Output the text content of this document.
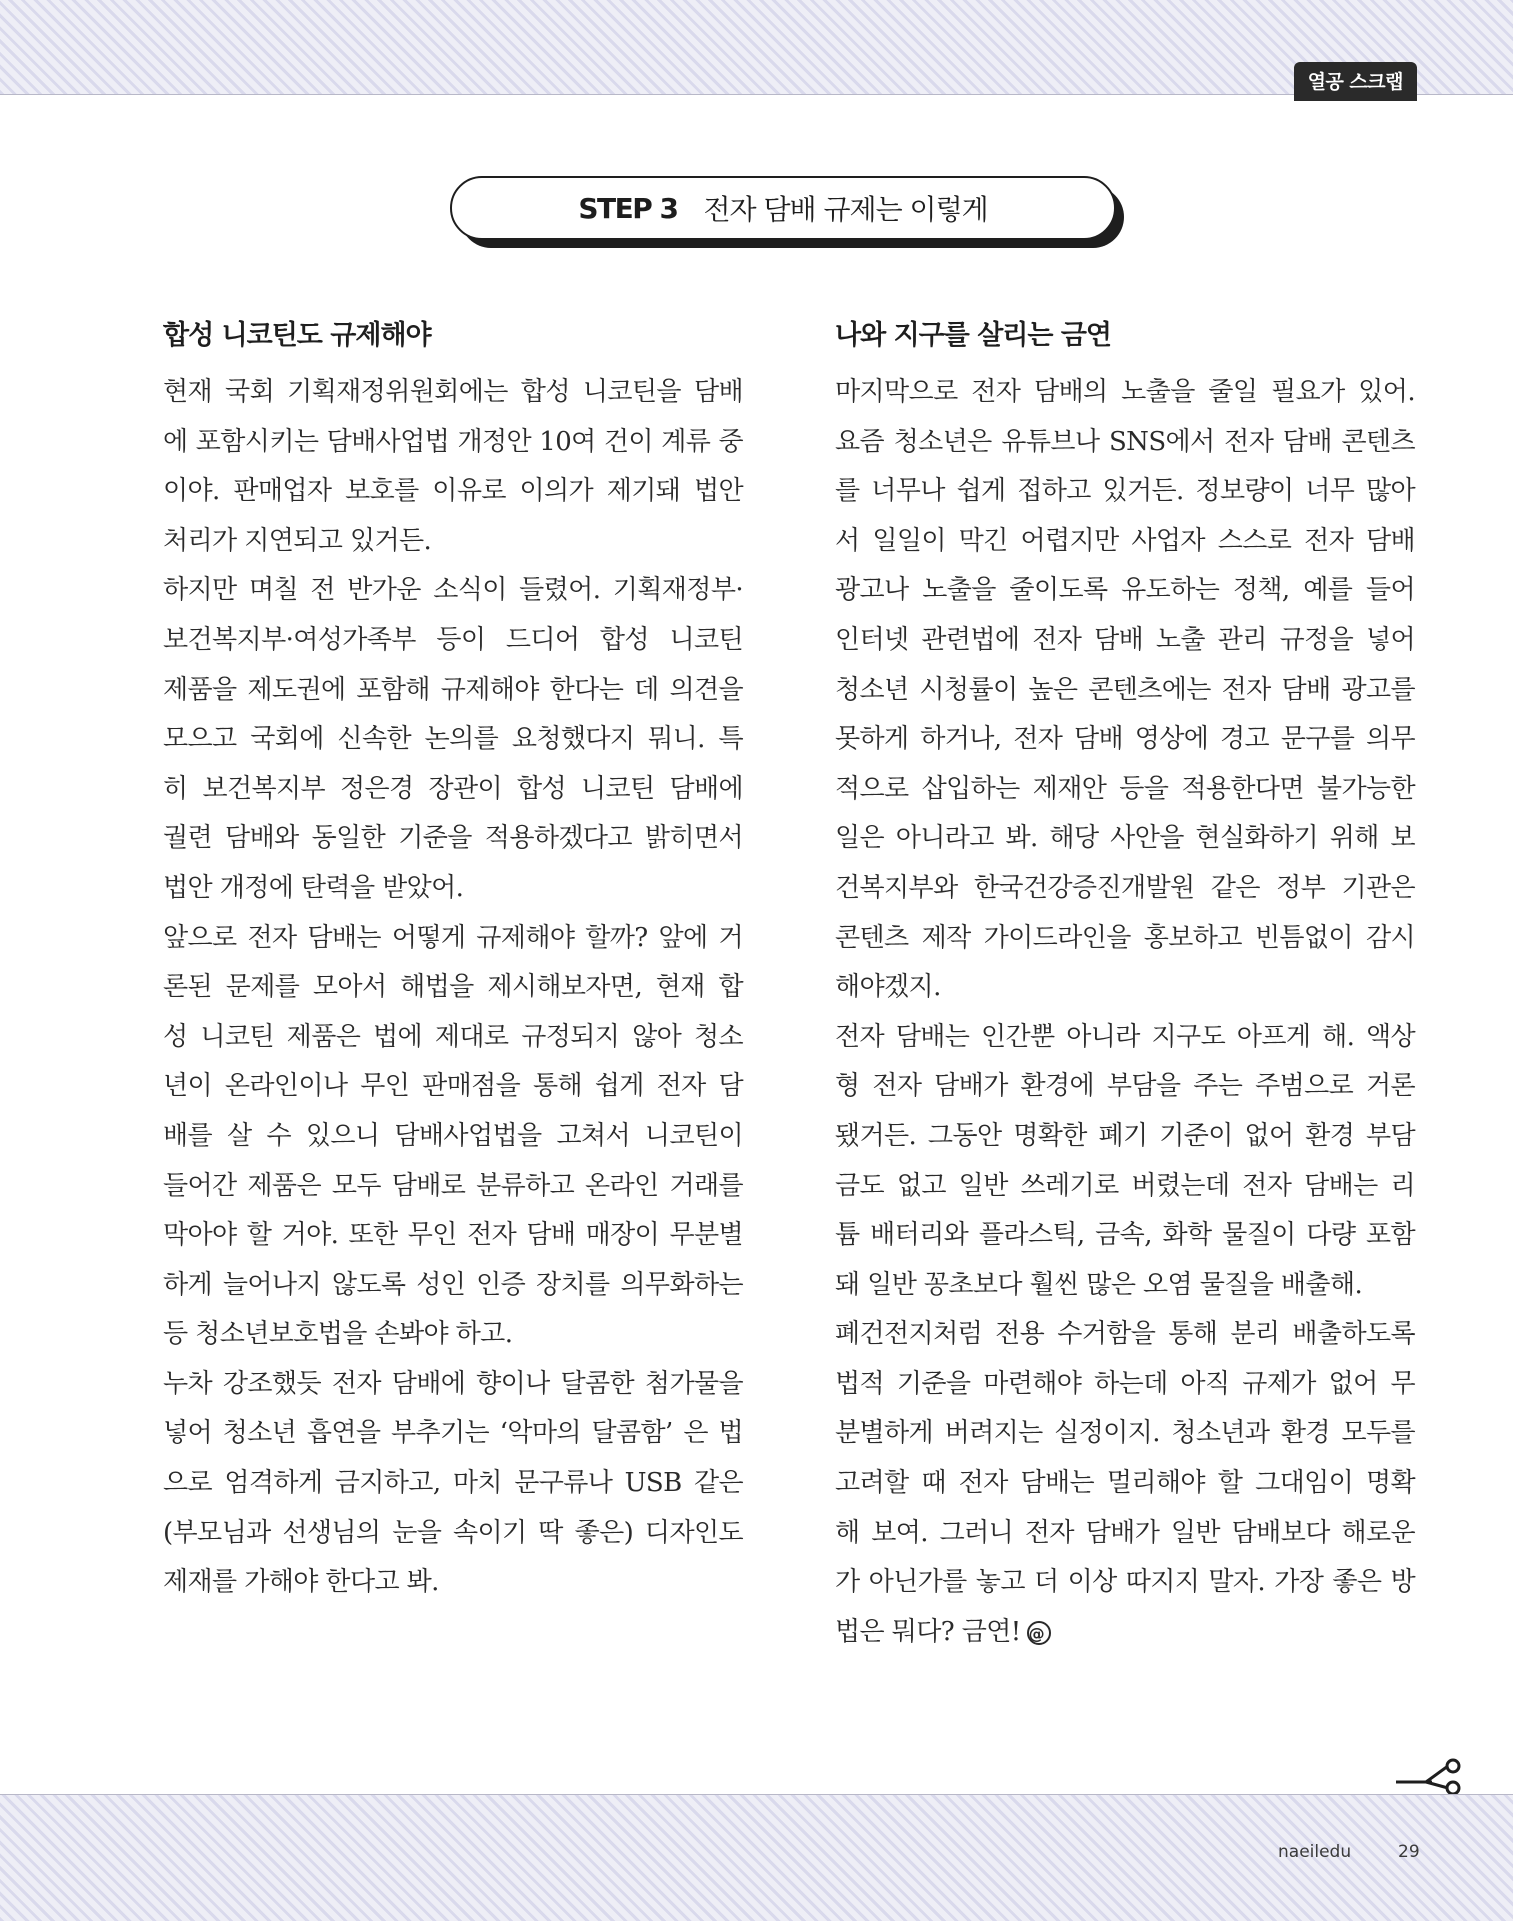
열공 스크랩
STEP 3 전자 담배 규제는 이렇게
합성 니코틴도 규제해야
현재 국회 기획재정위원회에는 합성 니코틴을 담배
에 포함시키는 담배사업법 개정안 10여 건이 계류 중
이야. 판매업자 보호를 이유로 이의가 제기돼 법안
처리가 지연되고 있거든.
하지만 며칠 전 반가운 소식이 들렸어. 기획재정부·
보건복지부·여성가족부 등이 드디어 합성 니코틴
제품을 제도권에 포함해 규제해야 한다는 데 의견을
모으고 국회에 신속한 논의를 요청했다지 뭐니. 특
히 보건복지부 정은경 장관이 합성 니코틴 담배에
궐련 담배와 동일한 기준을 적용하겠다고 밝히면서
법안 개정에 탄력을 받았어.
앞으로 전자 담배는 어떻게 규제해야 할까? 앞에 거
론된 문제를 모아서 해법을 제시해보자면, 현재 합
성 니코틴 제품은 법에 제대로 규정되지 않아 청소
년이 온라인이나 무인 판매점을 통해 쉽게 전자 담
배를 살 수 있으니 담배사업법을 고쳐서 니코틴이
들어간 제품은 모두 담배로 분류하고 온라인 거래를
막아야 할 거야. 또한 무인 전자 담배 매장이 무분별
하게 늘어나지 않도록 성인 인증 장치를 의무화하는
등 청소년보호법을 손봐야 하고.
누차 강조했듯 전자 담배에 향이나 달콤한 첨가물을
넣어 청소년 흡연을 부추기는 ‘악마의 달콤함’ 은 법
으로 엄격하게 금지하고, 마치 문구류나 USB 같은
(부모님과 선생님의 눈을 속이기 딱 좋은) 디자인도
제재를 가해야 한다고 봐.
나와 지구를 살리는 금연
마지막으로 전자 담배의 노출을 줄일 필요가 있어.
요즘 청소년은 유튜브나 SNS에서 전자 담배 콘텐츠
를 너무나 쉽게 접하고 있거든. 정보량이 너무 많아
서 일일이 막긴 어렵지만 사업자 스스로 전자 담배
광고나 노출을 줄이도록 유도하는 정책, 예를 들어
인터넷 관련법에 전자 담배 노출 관리 규정을 넣어
청소년 시청률이 높은 콘텐츠에는 전자 담배 광고를
못하게 하거나, 전자 담배 영상에 경고 문구를 의무
적으로 삽입하는 제재안 등을 적용한다면 불가능한
일은 아니라고 봐. 해당 사안을 현실화하기 위해 보
건복지부와 한국건강증진개발원 같은 정부 기관은
콘텐츠 제작 가이드라인을 홍보하고 빈틈없이 감시
해야겠지.
전자 담배는 인간뿐 아니라 지구도 아프게 해. 액상
형 전자 담배가 환경에 부담을 주는 주범으로 거론
됐거든. 그동안 명확한 폐기 기준이 없어 환경 부담
금도 없고 일반 쓰레기로 버렸는데 전자 담배는 리
튬 배터리와 플라스틱, 금속, 화학 물질이 다량 포함
돼 일반 꽁초보다 훨씬 많은 오염 물질을 배출해.
폐건전지처럼 전용 수거함을 통해 분리 배출하도록
법적 기준을 마련해야 하는데 아직 규제가 없어 무
분별하게 버려지는 실정이지. 청소년과 환경 모두를
고려할 때 전자 담배는 멀리해야 할 그대임이 명확
해 보여. 그러니 전자 담배가 일반 담배보다 해로운
가 아닌가를 놓고 더 이상 따지지 말자. 가장 좋은 방
법은 뭐다? 금연! @
naeiledu	29
